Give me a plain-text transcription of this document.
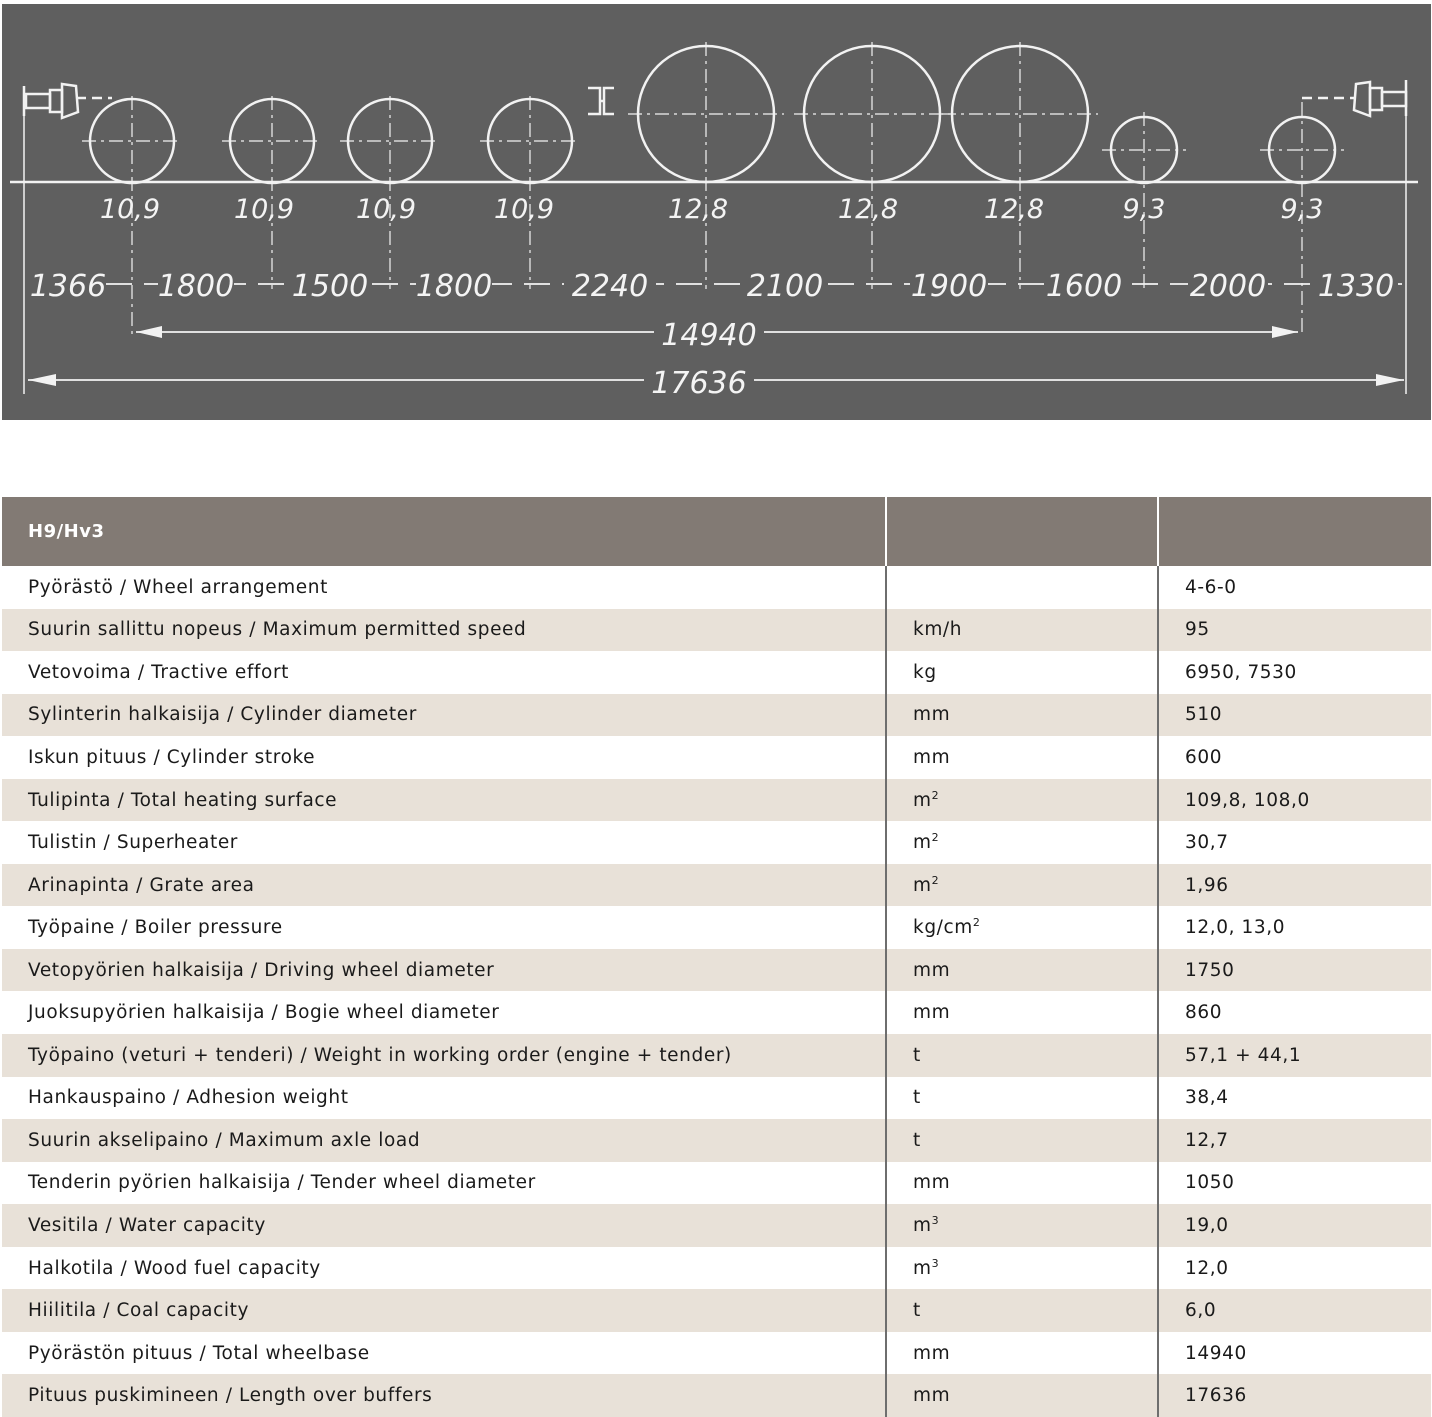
10,9	10,9 10,9	10,9	12,8	12,8	12,8	9,3	9,3
1366 1800 1500 1800	2240	2100	1900 1600 2000 1330
14940
17636
H9/Hv3		
Pyörästö / Wheel arrangement		4-6-0
Suurin sallittu nopeus / Maximum permitted speed	km/h	95
Vetovoima / Tractive effort	kg	6950, 7530
Sylinterin halkaisija / Cylinder diameter	mm	510
Iskun pituus / Cylinder stroke	mm	600
Tulipinta / Total heating surface	$m^2$	109,8, 108,0
Tulistin / Superheater	$m^2$	30,7
Arinapinta / Grate area	$m^2$	1,96
Työpaine / Boiler pressure	$kg/cm^2$	12,0, 13,0
Vetopyörien halkaisija / Driving wheel diameter	mm	1750
Juoksupyörien halkaisija / Bogie wheel diameter	mm	860
Työpaino (veturi + tenderi) / Weight in working order (engine + tender)	t	57,1 + 44,1
Hankauspaino / Adhesion weight	t	38,4
Suurin akselipaino / Maximum axle load	t	12,7
Tenderin pyörien halkaisija / Tender wheel diameter	mm	1050
Vesitila / Water capacity	$m^3$	19,0
Halkotila / Wood fuel capacity	$m^3$	12,0
Hiilitila / Coal capacity	t	6,0
Pyörästön pituus / Total wheelbase	mm	14940
Pituus puskimineen / Length over buffers	mm	17636
